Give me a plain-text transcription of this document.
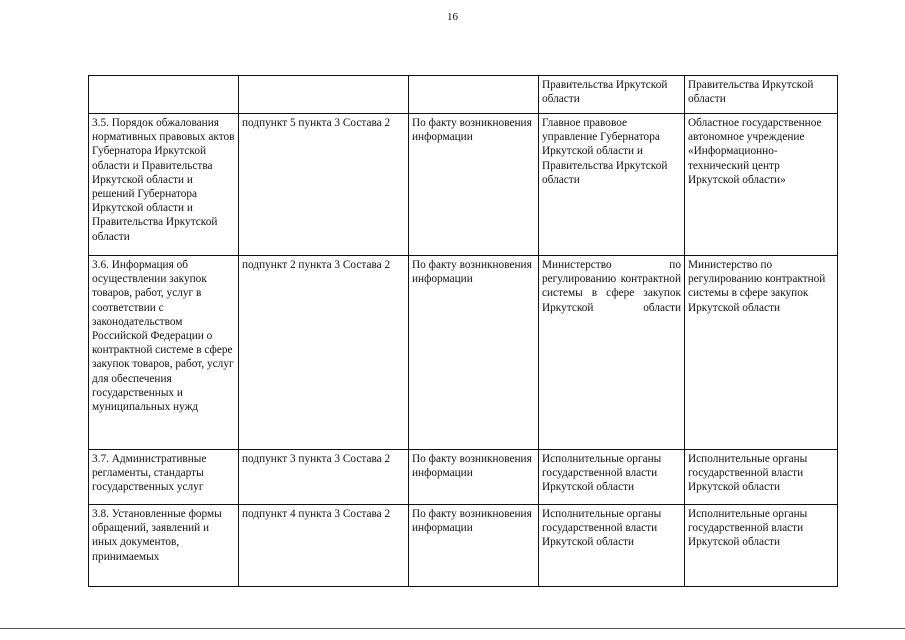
16
			Правительства Иркутской области	Правительства Иркутской области
3.5. Порядок обжалования нормативных правовых актов Губернатора Иркутской области и Правительства Иркутской области и решений Губернатора Иркутской области и Правительства Иркутской области	подпункт 5 пункта 3 Состава 2	По факту возникновения информации	Главное правовое управление Губернатора Иркутской области и Правительства Иркутской области	Областное государственное автономное учреждение «Информационно-технический центр Иркутской области»
3.6. Информация об осуществлении закупок товаров, работ, услуг в соответствии с законодательством Российской Федерации о контрактной системе в сфере закупок товаров, работ, услуг для обеспечения государственных и муниципальных нужд	подпункт 2 пункта 3 Состава 2	По факту возникновения информации	Министерство по регулированию контрактной системы в сфере закупок Иркутской области	Министерство по регулированию контрактной системы в сфере закупок Иркутской области
3.7. Административные регламенты, стандарты государственных услуг	подпункт 3 пункта 3 Состава 2	По факту возникновения информации	Исполнительные органы государственной власти Иркутской области	Исполнительные органы государственной власти Иркутской области
3.8. Установленные формы обращений, заявлений и иных документов, принимаемых	подпункт 4 пункта 3 Состава 2	По факту возникновения информации	Исполнительные органы государственной власти Иркутской области	Исполнительные органы государственной власти Иркутской области
